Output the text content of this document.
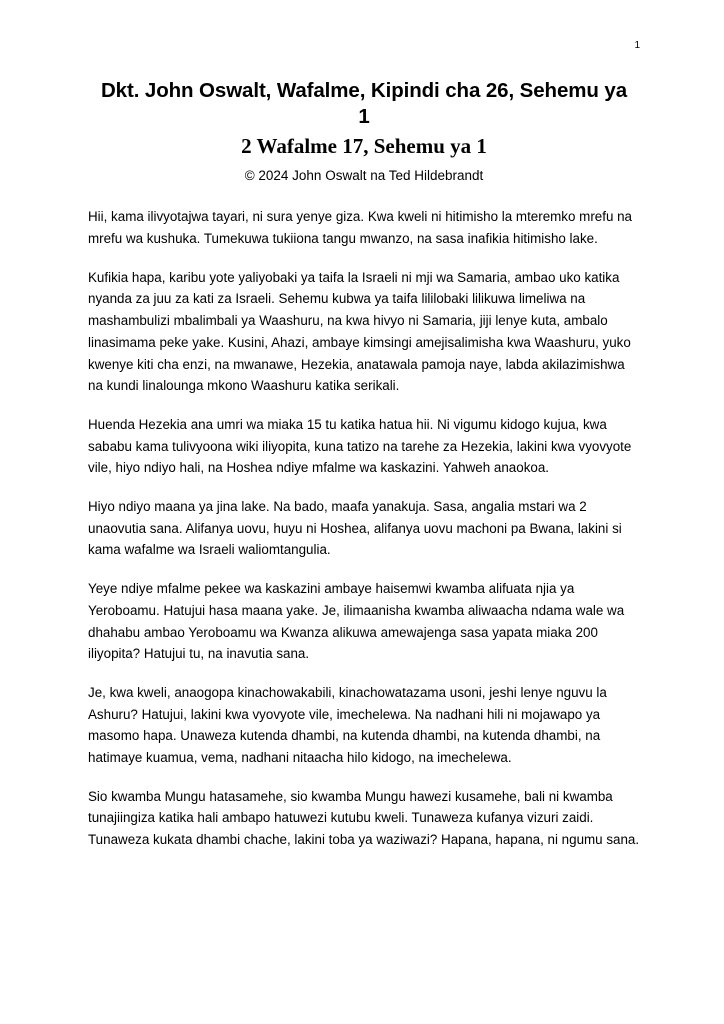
1
Dkt. John Oswalt, Wafalme, Kipindi cha 26, Sehemu ya 1
2 Wafalme 17, Sehemu ya 1
© 2024 John Oswalt na Ted Hildebrandt

Hii, kama ilivyotajwa tayari, ni sura yenye giza. Kwa kweli ni hitimisho la mteremko mrefu na mrefu wa kushuka. Tumekuwa tukiiona tangu mwanzo, na sasa inafikia hitimisho lake.

Kufikia hapa, karibu yote yaliyobaki ya taifa la Israeli ni mji wa Samaria, ambao uko katika nyanda za juu za kati za Israeli. Sehemu kubwa ya taifa lililobaki lilikuwa limeliwa na mashambulizi mbalimbali ya Waashuru, na kwa hivyo ni Samaria, jiji lenye kuta, ambalo linasimama peke yake. Kusini, Ahazi, ambaye kimsingi amejisalimisha kwa Waashuru, yuko kwenye kiti cha enzi, na mwanawe, Hezekia, anatawala pamoja naye, labda akilazimishwa na kundi linalounga mkono Waashuru katika serikali.

Huenda Hezekia ana umri wa miaka 15 tu katika hatua hii. Ni vigumu kidogo kujua, kwa sababu kama tulivyoona wiki iliyopita, kuna tatizo na tarehe za Hezekia, lakini kwa vyovyote vile, hiyo ndiyo hali, na Hoshea ndiye mfalme wa kaskazini. Yahweh anaokoa.

Hiyo ndiyo maana ya jina lake. Na bado, maafa yanakuja. Sasa, angalia mstari wa 2 unaovutia sana. Alifanya uovu, huyu ni Hoshea, alifanya uovu machoni pa Bwana, lakini si kama wafalme wa Israeli waliomtangulia.

Yeye ndiye mfalme pekee wa kaskazini ambaye haisemwi kwamba alifuata njia ya Yeroboamu. Hatujui hasa maana yake. Je, ilimaanisha kwamba aliwaacha ndama wale wa dhahabu ambao Yeroboamu wa Kwanza alikuwa amewajenga sasa yapata miaka 200 iliyopita? Hatujui tu, na inavutia sana.

Je, kwa kweli, anaogopa kinachowakabili, kinachowatazama usoni, jeshi lenye nguvu la Ashuru? Hatujui, lakini kwa vyovyote vile, imechelewa. Na nadhani hili ni mojawapo ya masomo hapa. Unaweza kutenda dhambi, na kutenda dhambi, na kutenda dhambi, na hatimaye kuamua, vema, nadhani nitaacha hilo kidogo, na imechelewa.

Sio kwamba Mungu hatasamehe, sio kwamba Mungu hawezi kusamehe, bali ni kwamba tunajiingiza katika hali ambapo hatuwezi kutubu kweli. Tunaweza kufanya vizuri zaidi. Tunaweza kukata dhambi chache, lakini toba ya waziwazi? Hapana, hapana, ni ngumu sana.
